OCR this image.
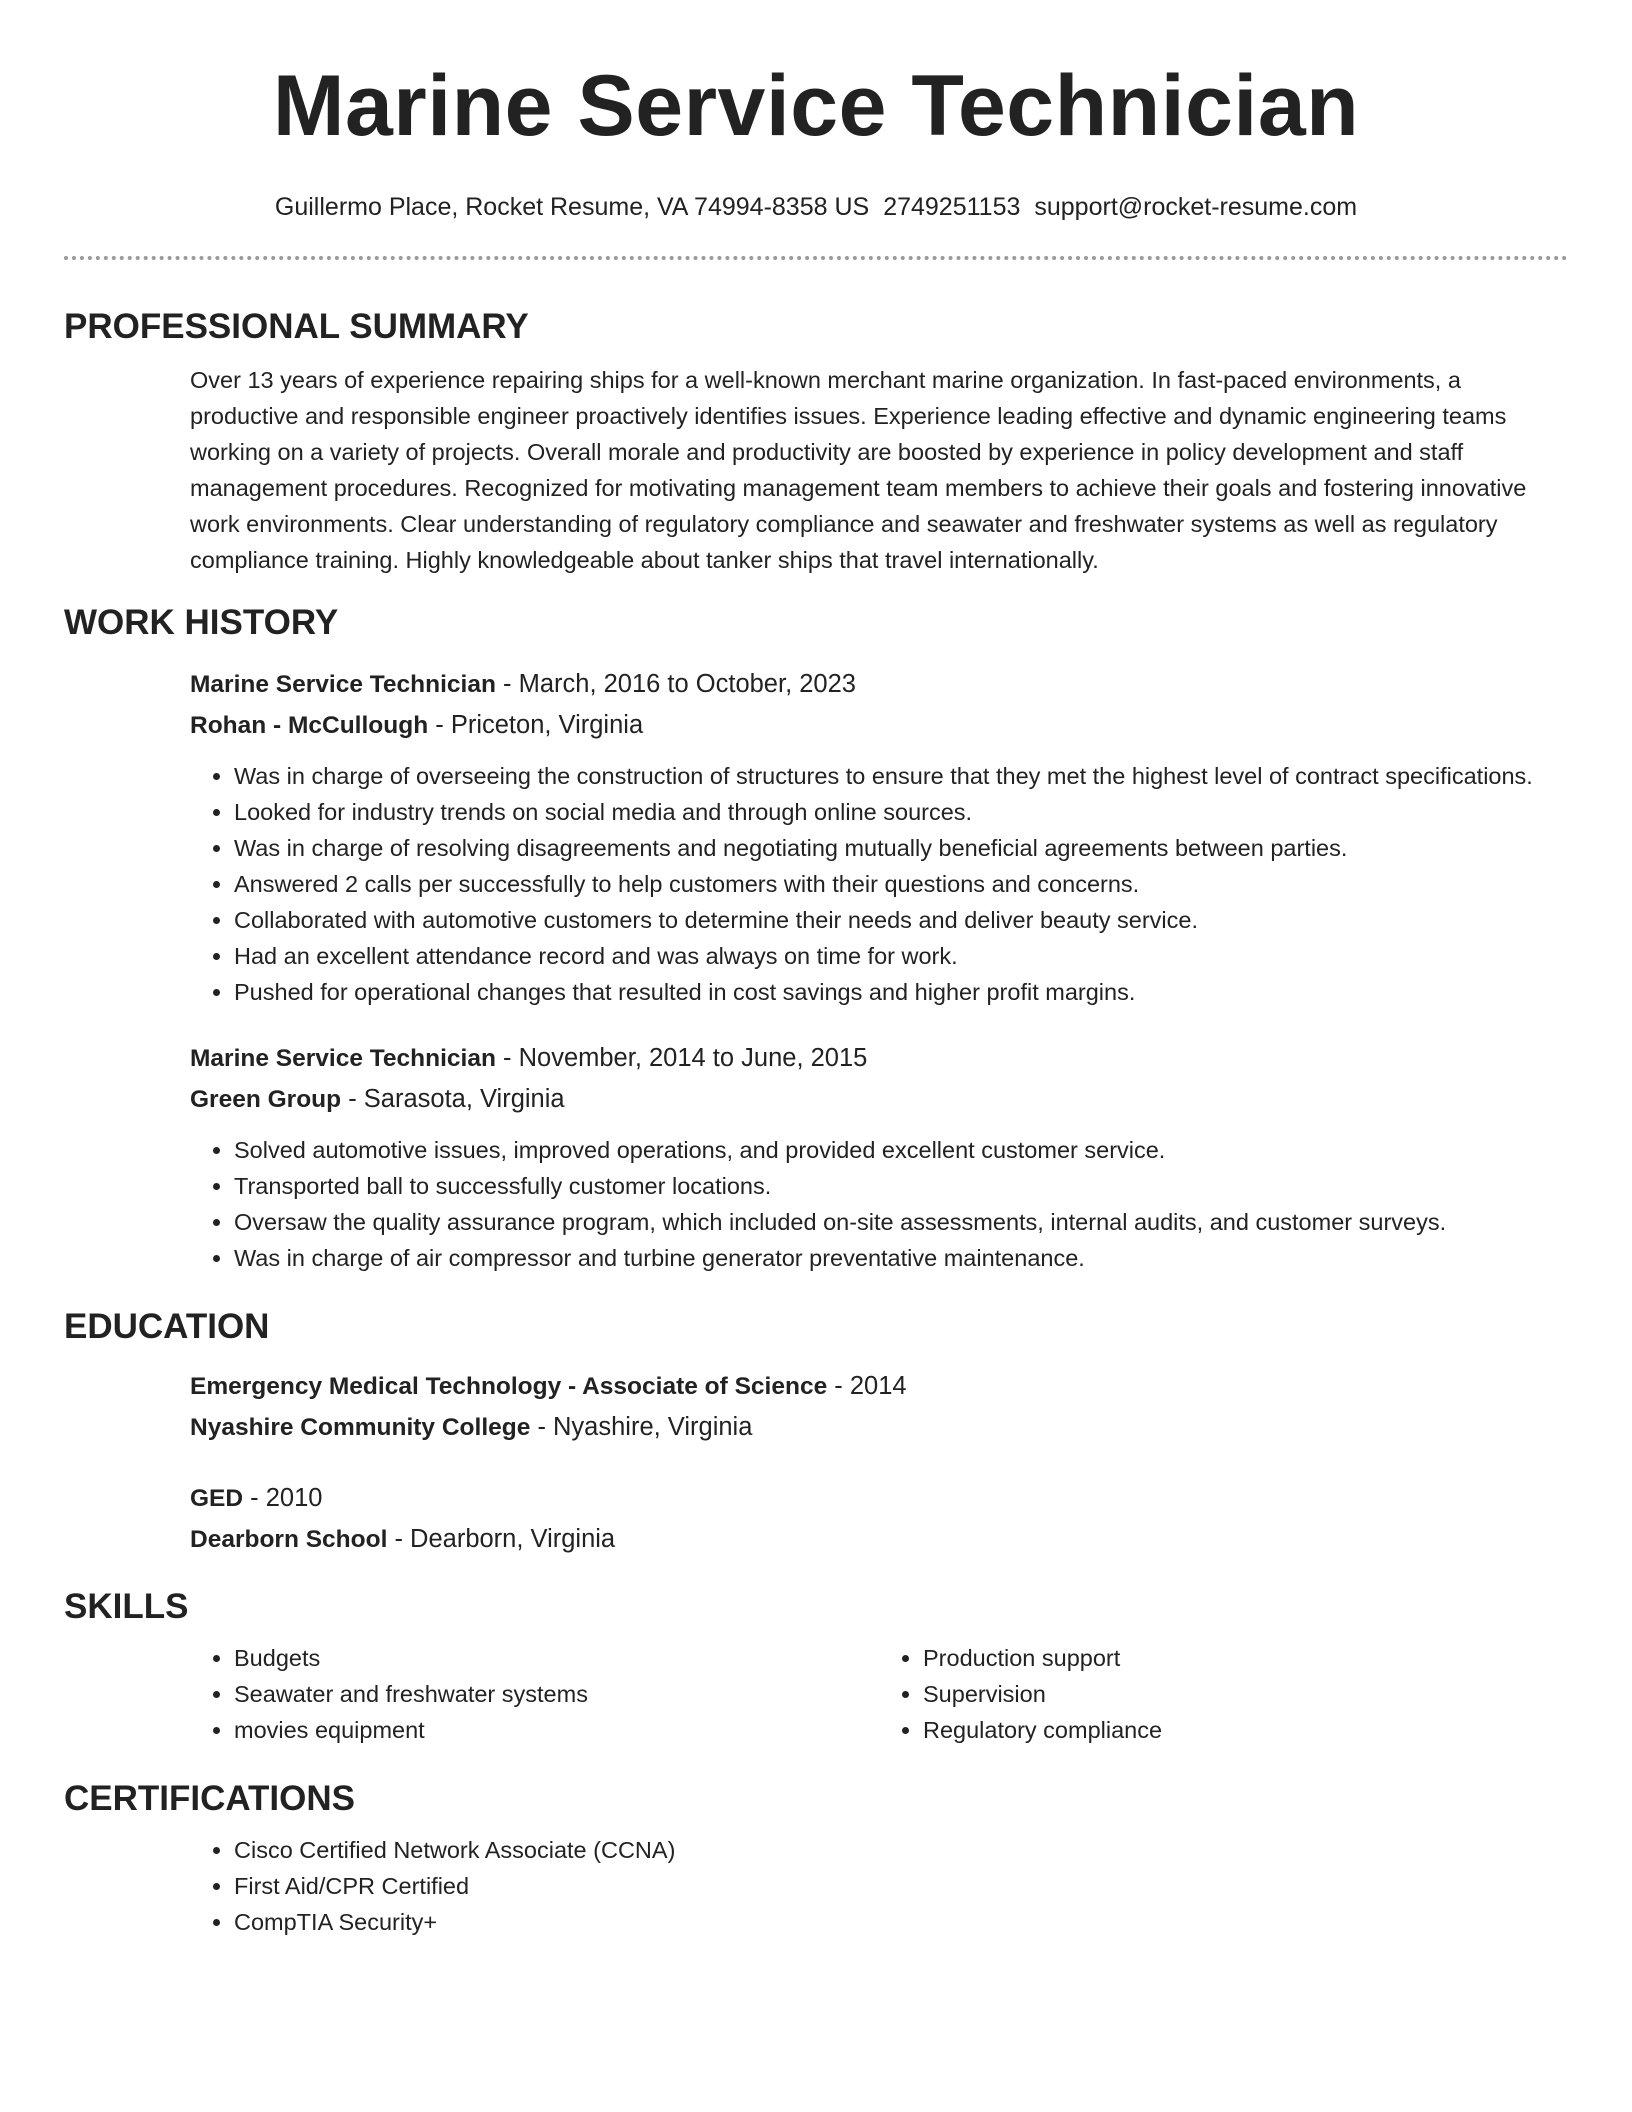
Marine Service Technician
Guillermo Place, Rocket Resume, VA 74994-8358 US 2749251153 support@rocket-resume.com
PROFESSIONAL SUMMARY

Over 13 years of experience repairing ships for a well-known merchant marine organization. In fast-paced environments, a productive and responsible engineer proactively identifies issues. Experience leading effective and dynamic engineering teams working on a variety of projects. Overall morale and productivity are boosted by experience in policy development and staff management procedures. Recognized for motivating management team members to achieve their goals and fostering innovative work environments. Clear understanding of regulatory compliance and seawater and freshwater systems as well as regulatory compliance training. Highly knowledgeable about tanker ships that travel internationally.

WORK HISTORY

Marine Service Technician - March, 2016 to October, 2023

Rohan - McCullough - Priceton, Virginia

• Was in charge of overseeing the construction of structures to ensure that they met the highest level of contract specifications.
• Looked for industry trends on social media and through online sources.
• Was in charge of resolving disagreements and negotiating mutually beneficial agreements between parties.
• Answered 2 calls per successfully to help customers with their questions and concerns.
• Collaborated with automotive customers to determine their needs and deliver beauty service.
• Had an excellent attendance record and was always on time for work.
• Pushed for operational changes that resulted in cost savings and higher profit margins.

Marine Service Technician - November, 2014 to June, 2015

Green Group - Sarasota, Virginia

• Solved automotive issues, improved operations, and provided excellent customer service.
• Transported ball to successfully customer locations.
• Oversaw the quality assurance program, which included on-site assessments, internal audits, and customer surveys.
• Was in charge of air compressor and turbine generator preventative maintenance.
EDUCATION

Emergency Medical Technology - Associate of Science - 2014

Nyashire Community College - Nyashire, Virginia

GED - 2010

Dearborn School - Dearborn, Virginia

SKILLS
• Budgets
• Seawater and freshwater systems
• movies equipment
• Production support
• Supervision
• Regulatory compliance
CERTIFICATIONS
• Cisco Certified Network Associate (CCNA)
• First Aid/CPR Certified
• CompTIA Security+
